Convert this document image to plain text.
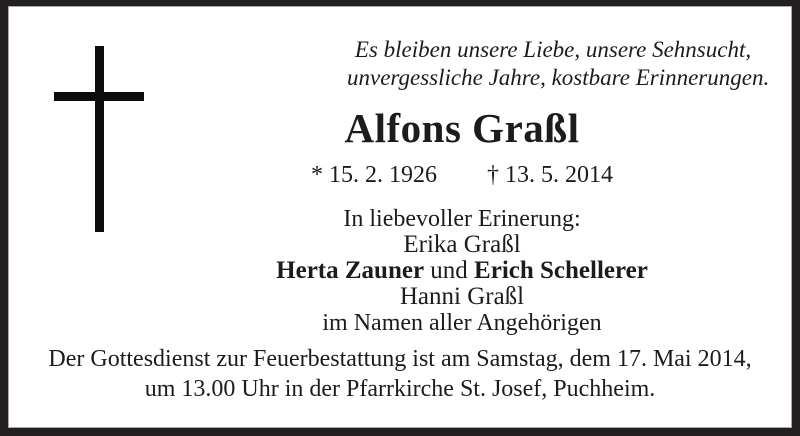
Es bleiben unsere Liebe, unsere Sehnsucht,
unvergessliche Jahre, kostbare Erinnerungen.
Alfons Graßl
* 15. 2. 1926 † 13. 5. 2014
In liebevoller Erinerung:
Erika Graßl
Herta Zauner und Erich Schellerer
Hanni Graßl
im Namen aller Angehörigen
Der Gottesdienst zur Feuerbestattung ist am Samstag, dem 17. Mai 2014,
um 13.00 Uhr in der Pfarrkirche St. Josef, Puchheim.
